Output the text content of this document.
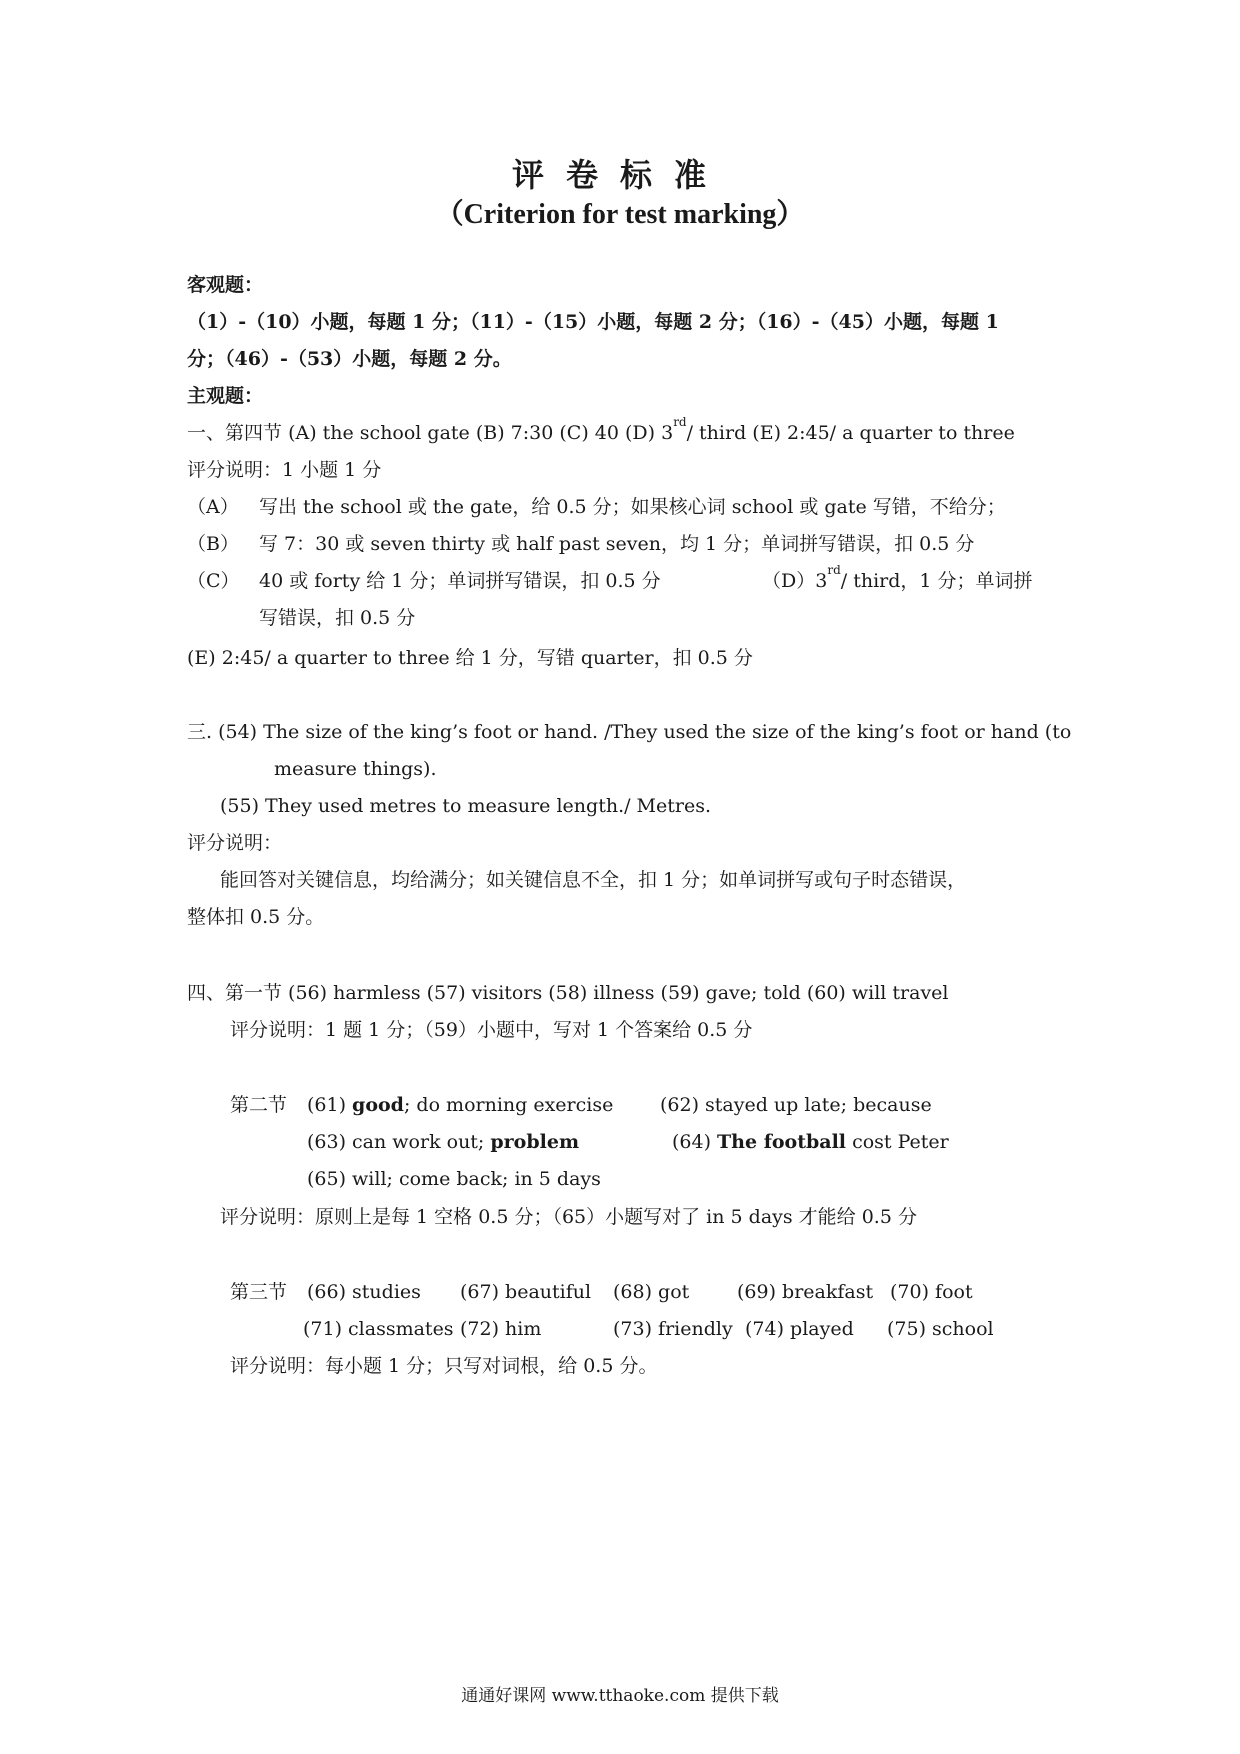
评卷标准
（Criterion for test marking）
客观题：
（1）-（10）小题，每题 1 分；（11）-（15）小题，每题 2 分；（16）-（45）小题，每题 1
分；（46）-（53）小题，每题 2 分。
主观题：
一、第四节 (A) the school gate (B) 7:30 (C) 40 (D) 3rd/ third (E) 2:45/ a quarter to three
评分说明：1 小题 1 分
（A） 写出 the school 或 the gate，给 0.5 分；如果核心词 school 或 gate 写错，不给分；
（B） 写 7：30 或 seven thirty 或 half past seven，均 1 分；单词拼写错误，扣 0.5 分
（C） 40 或 forty 给 1 分；单词拼写错误，扣 0.5 分	（D）3rd/ third，1 分；单词拼
写错误，扣 0.5 分
(E) 2:45/ a quarter to three 给 1 分，写错 quarter，扣 0.5 分
三. (54) The size of the king’s foot or hand. /They used the size of the king’s foot or hand (to
measure things).
(55) They used metres to measure length./ Metres.
评分说明：
能回答对关键信息，均给满分；如关键信息不全，扣 1 分；如单词拼写或句子时态错误，
整体扣 0.5 分。
四、第一节 (56) harmless (57) visitors (58) illness (59) gave; told (60) will travel
评分说明：1 题 1 分；（59）小题中，写对 1 个答案给 0.5 分
第二节 (61) good; do morning exercise (62) stayed up late; because
(63) can work out; problem	(64) The football cost Peter
(65) will; come back; in 5 days
评分说明：原则上是每 1 空格 0.5 分；（65）小题写对了 in 5 days 才能给 0.5 分
第三节 (66) studies (67) beautiful (68) got	(69) breakfast (70) foot
(71) classmates (72) him	(73) friendly (74) played (75) school
评分说明：每小题 1 分；只写对词根，给 0.5 分。
通通好课网 www.tthaoke.com 提供下载
